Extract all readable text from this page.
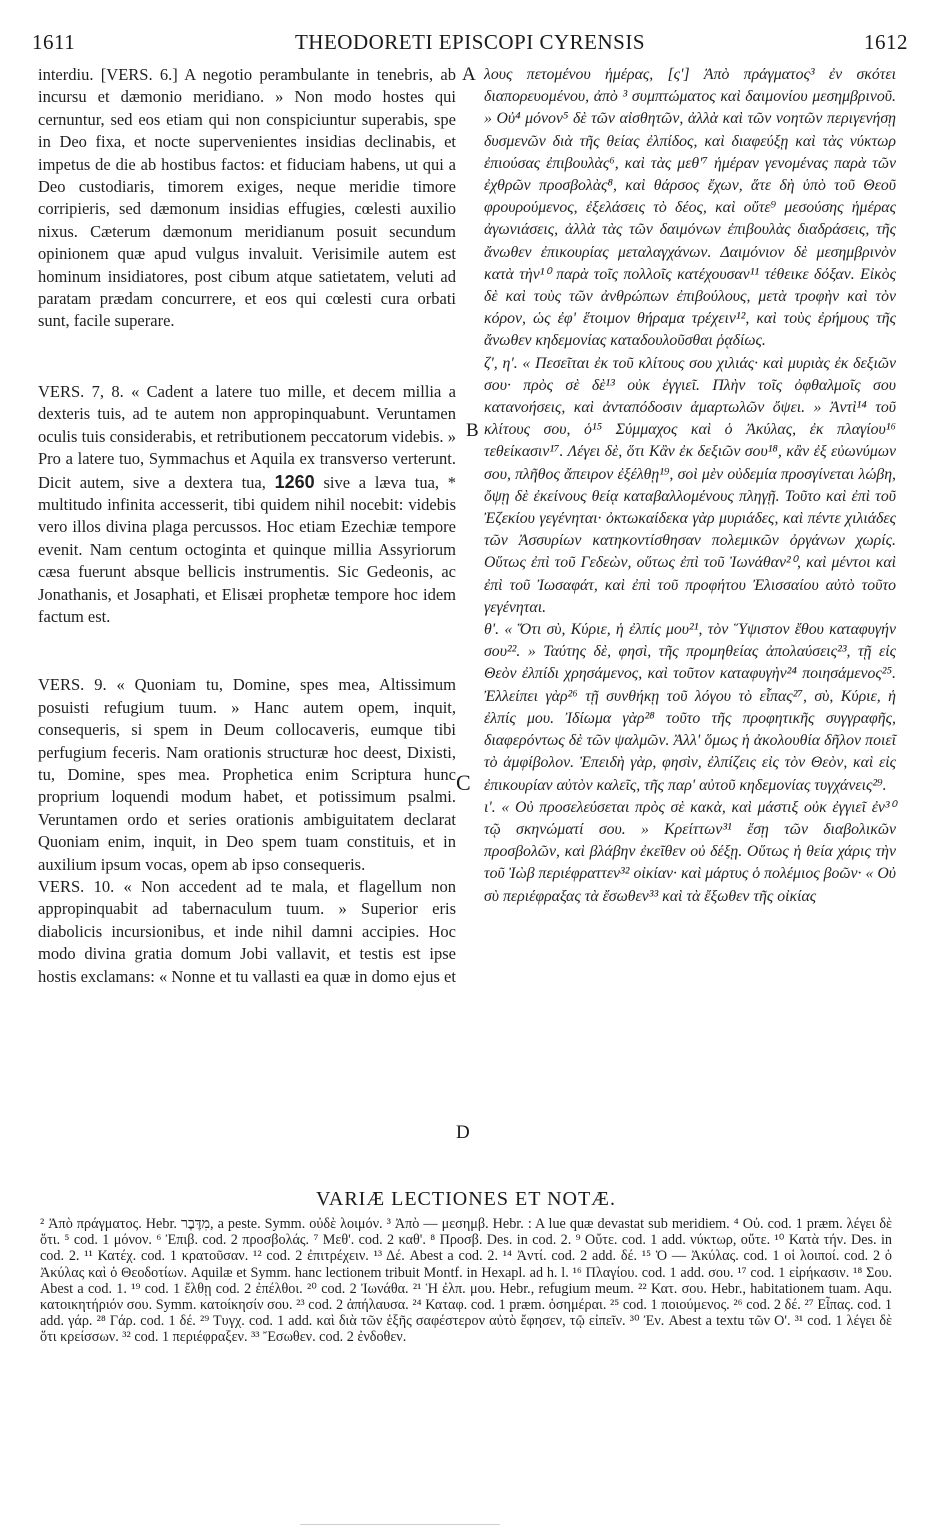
1611	THEODORETI EPISCOPI CYRENSIS	1612

interdiu. [VERS. 6.] A negotio perambulante in tenebris, ab incursu et dæmonio meridiano. » Non modo hostes qui cernuntur, sed eos etiam qui non conspiciuntur superabis, spe in Deo fixa, et nocte supervenientes insidias declinabis, et impetus de die ab hostibus factos: et fiduciam habens, ut qui a Deo custodiaris, timorem exiges, neque meridie timore corripieris, sed dæmonum insidias effugies, cœlesti auxilio nixus. Cæterum dæmonum meridianum posuit secundum opinionem quæ apud vulgus invaluit. Verisimile autem est hominum insidiatores, post cibum atque satietatem, veluti ad paratam prædam concurrere, et eos qui cœlesti cura orbati sunt, facile superare.

VERS. 7, 8. « Cadent a latere tuo mille, et decem millia a dexteris tuis, ad te autem non appropinquabunt. Veruntamen oculis tuis considerabis, et retributionem peccatorum videbis. » Pro a latere tuo, Symmachus et Aquila ex transverso verterunt. Dicit autem, sive a dextera tua, 1260 sive a læva tua, * multitudo infinita accesserit, tibi quidem nihil nocebit: videbis vero illos divina plaga percussos. Hoc etiam Ezechiæ tempore evenit. Nam centum octoginta et quinque millia Assyriorum cæsa fuerunt absque bellicis instrumentis. Sic Gedeonis, ac Jonathanis, et Josaphati, et Elisæi prophetæ tempore hoc idem factum est.

VERS. 9. « Quoniam tu, Domine, spes mea, Altissimum posuisti refugium tuum. » Hanc autem opem, inquit, consequeris, si spem in Deum collocaveris, eumque tibi perfugium feceris. Nam orationis structuræ hoc deest, Dixisti, tu, Domine, spes mea. Prophetica enim Scriptura hunc proprium loquendi modum habet, et potissimum psalmi. Veruntamen ordo et series orationis ambiguitatem declarat Quoniam enim, inquit, in Deo spem tuam constituis, et in auxilium ipsum vocas, opem ab ipso consequeris.

VERS. 10. « Non accedent ad te mala, et flagellum non appropinquabit ad tabernaculum tuum. » Superior eris diabolicis incursionibus, et inde nihil damni accipies. Hoc modo divina gratia domum Jobi vallavit, et testis est ipse hostis exclamans: « Nonne et tu vallasti ea quæ in domo ejus et

A
B
C
D

λους πετομένου ἡμέρας, [ς'] Ἀπὸ πράγματος³ ἐν σκότει διαπορευομένου, ἀπὸ ³ συμπτώματος καὶ δαιμονίου μεσημβρινοῦ. » Οὐ⁴ μόνον⁵ δὲ τῶν αἰσθητῶν, ἀλλὰ καὶ τῶν νοητῶν περιγενήσῃ δυσμενῶν διὰ τῆς θείας ἐλπίδος, καὶ διαφεύξῃ καὶ τὰς νύκτωρ ἐπιούσας ἐπιβουλὰς⁶, καὶ τὰς μεθ'⁷ ἡμέραν γενομένας παρὰ τῶν ἐχθρῶν προσβολὰς⁸, καὶ θάρσος ἔχων, ἅτε δὴ ὑπὸ τοῦ Θεοῦ φρουρούμενος, ἐξελάσεις τὸ δέος, καὶ οὔτε⁹ μεσούσης ἡμέρας ἀγωνιάσεις, ἀλλὰ τὰς τῶν δαιμόνων ἐπιβουλὰς διαδράσεις, τῆς ἄνωθεν ἐπικουρίας μεταλαγχάνων. Δαιμόνιον δὲ μεσημβρινὸν κατὰ τὴν¹⁰ παρὰ τοῖς πολλοῖς κατέχουσαν¹¹ τέθεικε δόξαν. Εἰκὸς δὲ καὶ τοὺς τῶν ἀνθρώπων ἐπιβούλους, μετὰ τροφὴν καὶ τὸν κόρον, ὡς ἐφ' ἕτοιμον θήραμα τρέχειν¹², καὶ τοὺς ἐρήμους τῆς ἄνωθεν κηδεμονίας καταδουλοῦσθαι ῥᾳδίως.

ζ', η'. « Πεσεῖται ἐκ τοῦ κλίτους σου χιλιάς· καὶ μυριὰς ἐκ δεξιῶν σου· πρὸς σὲ δὲ¹³ οὐκ ἐγγιεῖ. Πλὴν τοῖς ὀφθαλμοῖς σου κατανοήσεις, καὶ ἀνταπόδοσιν ἁμαρτωλῶν ὄψει. » Ἀντὶ¹⁴ τοῦ κλίτους σου, ὁ¹⁵ Σύμμαχος καὶ ὁ Ἀκύλας, ἐκ πλαγίου¹⁶ τεθείκασιν¹⁷. Λέγει δὲ, ὅτι Κἂν ἐκ δεξιῶν σου¹⁸, κἂν ἐξ εὐωνύμων σου, πλῆθος ἄπειρον ἐξέλθῃ¹⁹, σοὶ μὲν οὐδεμία προσγίνεται λώβη, ὄψῃ δὲ ἐκείνους θείᾳ καταβαλλομένους πληγῇ. Τοῦτο καὶ ἐπὶ τοῦ Ἐζεκίου γεγένηται· ὀκτωκαίδεκα γὰρ μυριάδες, καὶ πέντε χιλιάδες τῶν Ἀσσυρίων κατηκοντίσθησαν πολεμικῶν ὀργάνων χωρίς. Οὕτως ἐπὶ τοῦ Γεδεὼν, οὕτως ἐπὶ τοῦ Ἰωνάθαν²⁰, καὶ μέντοι καὶ ἐπὶ τοῦ Ἰωσαφάτ, καὶ ἐπὶ τοῦ προφήτου Ἐλισσαίου αὐτὸ τοῦτο γεγένηται.

θ'. « Ὅτι σὺ, Κύριε, ἡ ἐλπίς μου²¹, τὸν Ὕψιστον ἔθου καταφυγήν σου²². » Ταύτης δὲ, φησὶ, τῆς προμηθείας ἀπολαύσεις²³, τῇ εἰς Θεὸν ἐλπίδι χρησάμενος, καὶ τοῦτον καταφυγὴν²⁴ ποιησάμενος²⁵. Ἐλλείπει γὰρ²⁶ τῇ συνθήκῃ τοῦ λόγου τὸ εἶπας²⁷, σὺ, Κύριε, ἡ ἐλπίς μου. Ἰδίωμα γὰρ²⁸ τοῦτο τῆς προφητικῆς συγγραφῆς, διαφερόντως δὲ τῶν ψαλμῶν. Ἀλλ' ὅμως ἡ ἀκολουθία δῆλον ποιεῖ τὸ ἀμφίβολον. Ἐπειδὴ γὰρ, φησὶν, ἐλπίζεις εἰς τὸν Θεὸν, καὶ εἰς ἐπικουρίαν αὐτὸν καλεῖς, τῆς παρ' αὐτοῦ κηδεμονίας τυγχάνεις²⁹.

ι'. « Οὐ προσελεύσεται πρὸς σὲ κακὰ, καὶ μάστιξ οὐκ ἐγγιεῖ ἐν³⁰ τῷ σκηνώματί σου. » Κρείττων³¹ ἔσῃ τῶν διαβολικῶν προσβολῶν, καὶ βλάβην ἐκεῖθεν οὐ δέξῃ. Οὕτως ἡ θεία χάρις τὴν τοῦ Ἰὼβ περιέφραττεν³² οἰκίαν· καὶ μάρτυς ὁ πολέμιος βοῶν· « Οὐ σὺ περιέφραξας τὰ ἔσωθεν³³ καὶ τὰ ἔξωθεν τῆς οἰκίας

VARIÆ LECTIONES ET NOTÆ.

² Ἀπὸ πράγματος. Hebr. מִדֶּבֶר, a peste. Symm. οὐδὲ λοιμόν. ³ Ἀπὸ — μεσημβ. Hebr. : A lue quæ devastat sub meridiem. ⁴ Οὐ. cod. 1 præm. λέγει δὲ ὅτι. ⁵ cod. 1 μόνον. ⁶ Ἐπιβ. cod. 2 προσβολάς. ⁷ Μεθ'. cod. 2 καθ'. ⁸ Προσβ. Des. in cod. 2. ⁹ Οὔτε. cod. 1 add. νύκτωρ, οὔτε. ¹⁰ Κατὰ τήν. Des. in cod. 2. ¹¹ Κατέχ. cod. 1 κρατοῦσαν. ¹² cod. 2 ἐπιτρέχειν. ¹³ Δέ. Abest a cod. 2. ¹⁴ Ἀντί. cod. 2 add. δέ. ¹⁵ Ὁ — Ἀκύλας. cod. 1 οἱ λοιποί. cod. 2 ὁ Ἀκύλας καὶ ὁ Θεοδοτίων. Aquilæ et Symm. hanc lectionem tribuit Montf. in Hexapl. ad h. l. ¹⁶ Πλαγίου. cod. 1 add. σου. ¹⁷ cod. 1 εἰρήκασιν. ¹⁸ Σου. Abest a cod. 1. ¹⁹ cod. 1 ἔλθῃ cod. 2 ἐπέλθοι. ²⁰ cod. 2 Ἰωνάθα. ²¹ Ἡ ἐλπ. μου. Hebr., refugium meum. ²² Κατ. σου. Hebr., habitationem tuam. Aqu. κατοικητήριόν σου. Symm. κατοίκησίν σου. ²³ cod. 2 ἀπήλαυσα. ²⁴ Καταφ. cod. 1 præm. ὁσημέραι. ²⁵ cod. 1 ποιούμενος. ²⁶ cod. 2 δέ. ²⁷ Εἶπας. cod. 1 add. γάρ. ²⁸ Γάρ. cod. 1 δέ. ²⁹ Τυγχ. cod. 1 add. καὶ διὰ τῶν ἑξῆς σαφέστερον αὐτὸ ἔφησεν, τῷ εἰπεῖν. ³⁰ Ἐν. Abest a textu τῶν Ο'. ³¹ cod. 1 λέγει δὲ ὅτι κρείσσων. ³² cod. 1 περιέφραξεν. ³³ Ἔσωθεν. cod. 2 ἐνδοθεν.
